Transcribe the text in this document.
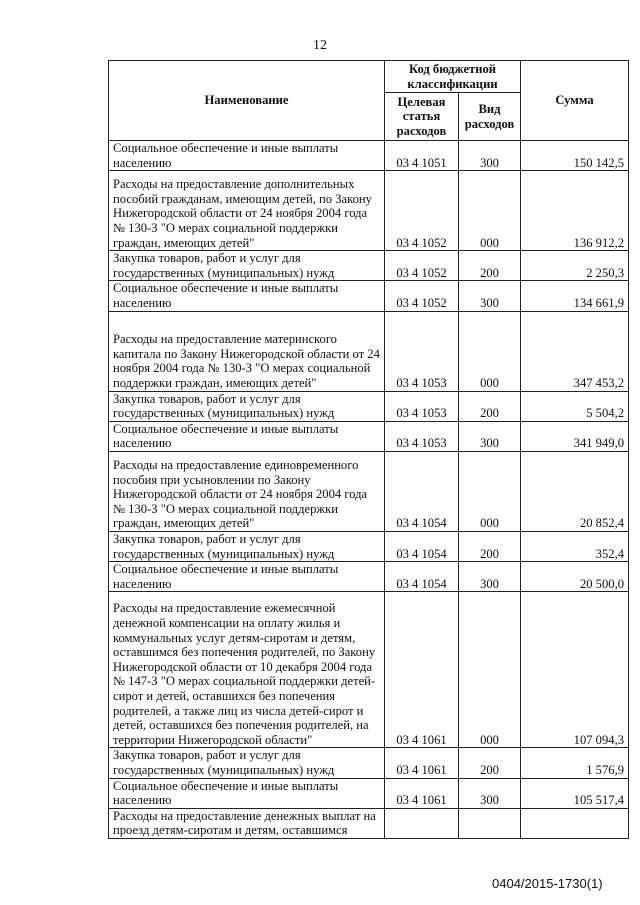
12
Наименование	Код бюджетной классификации		Сумма
	Целевая статья расходов	Вид расходов	
Социальное обеспечение и иные выплаты населению	03 4 1051	300	150 142,5
Расходы на предоставление дополнительных пособий гражданам, имеющим детей, по Закону Нижегородской области от 24 ноября 2004 года № 130-З "О мерах социальной поддержки граждан, имеющих детей"	03 4 1052	000	136 912,2
Закупка товаров, работ и услуг для государственных (муниципальных) нужд	03 4 1052	200	2 250,3
Социальное обеспечение и иные выплаты населению	03 4 1052	300	134 661,9
Расходы на предоставление материнского капитала по Закону Нижегородской области от 24 ноября 2004 года № 130-З "О мерах социальной поддержки граждан, имеющих детей"	03 4 1053	000	347 453,2
Закупка товаров, работ и услуг для государственных (муниципальных) нужд	03 4 1053	200	5 504,2
Социальное обеспечение и иные выплаты населению	03 4 1053	300	341 949,0
Расходы на предоставление единовременного пособия при усыновлении по Закону Нижегородской области от 24 ноября 2004 года № 130-З "О мерах социальной поддержки граждан, имеющих детей"	03 4 1054	000	20 852,4
Закупка товаров, работ и услуг для государственных (муниципальных) нужд	03 4 1054	200	352,4
Социальное обеспечение и иные выплаты населению	03 4 1054	300	20 500,0
Расходы на предоставление ежемесячной денежной компенсации на оплату жилья и коммунальных услуг детям-сиротам и детям, оставшимся без попечения родителей, по Закону Нижегородской области от 10 декабря 2004 года № 147-З "О мерах социальной поддержки детей-сирот и детей, оставшихся без попечения родителей, а также лиц из числа детей-сирот и детей, оставшихся без попечения родителей, на территории Нижегородской области"	03 4 1061	000	107 094,3
Закупка товаров, работ и услуг для государственных (муниципальных) нужд	03 4 1061	200	1 576,9
Социальное обеспечение и иные выплаты населению	03 4 1061	300	105 517,4
Расходы на предоставление денежных выплат на проезд детям-сиротам и детям, оставшимся			
0404/2015-1730(1)
